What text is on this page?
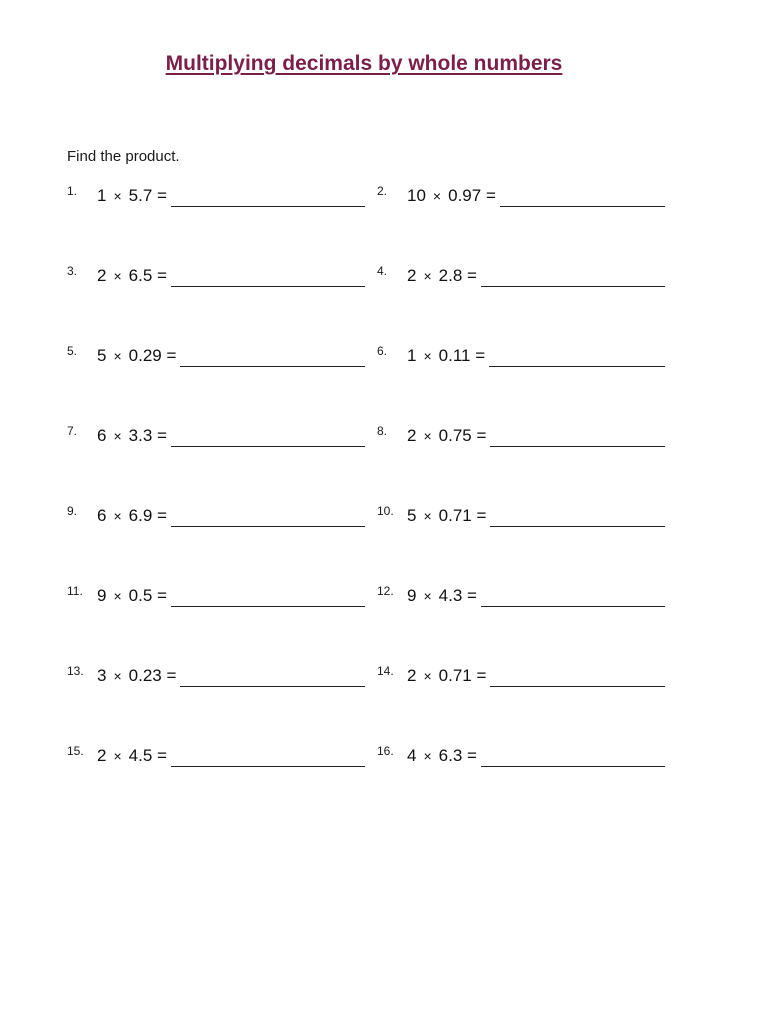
Multiplying decimals by whole numbers

Find the product.

1.	1 × 5.7 =	2.	10 × 0.97 =
3.	2 × 6.5 =	4.	2 × 2.8 =
5.	5 × 0.29 =	6.	1 × 0.11 =
7.	6 × 3.3 =	8.	2 × 0.75 =
9.	6 × 6.9 =	10. 5 × 0.71 =
11. 9 × 0.5 =	12. 9 × 4.3 =
13. 3 × 0.23 =	14. 2 × 0.71 =
15. 2 × 4.5 =	16. 4 × 6.3 =
